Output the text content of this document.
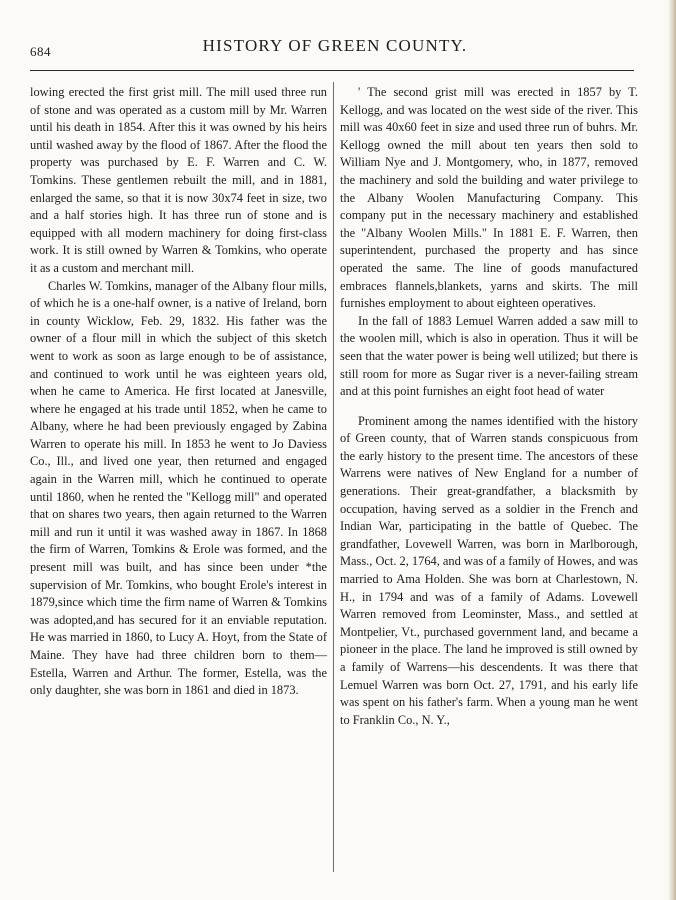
684	HISTORY OF GREEN COUNTY.

lowing erected the first grist mill. The mill used three run of stone and was operated as a custom mill by Mr. Warren until his death in 1854. After this it was owned by his heirs until washed away by the flood of 1867. After the flood the property was purchased by E. F. Warren and C. W. Tomkins. These gentlemen rebuilt the mill, and in 1881, enlarged the same, so that it is now 30x74 feet in size, two and a half stories high. It has three run of stone and is equipped with all modern machinery for doing first-class work. It is still owned by Warren & Tomkins, who operate it as a custom and merchant mill.

Charles W. Tomkins, manager of the Albany flour mills, of which he is a one-half owner, is a native of Ireland, born in county Wicklow, Feb. 29, 1832. His father was the owner of a flour mill in which the subject of this sketch went to work as soon as large enough to be of assistance, and continued to work until he was eighteen years old, when he came to America. He first located at Janesville, where he engaged at his trade until 1852, when he came to Albany, where he had been previously engaged by Zabina Warren to operate his mill. In 1853 he went to Jo Daviess Co., Ill., and lived one year, then returned and engaged again in the Warren mill, which he continued to operate until 1860, when he rented the "Kellogg mill" and operated that on shares two years, then again returned to the Warren mill and run it until it was washed away in 1867. In 1868 the firm of Warren, Tomkins & Erole was formed, and the present mill was built, and has since been under *the supervision of Mr. Tomkins, who bought Erole's interest in 1879,since which time the firm name of Warren & Tomkins was adopted,and has secured for it an enviable reputation. He was married in 1860, to Lucy A. Hoyt, from the State of Maine. They have had three children born to them—Estella, Warren and Arthur. The former, Estella, was the only daughter, she was born in 1861 and died in 1873.

' The second grist mill was erected in 1857 by T. Kellogg, and was located on the west side of the river. This mill was 40x60 feet in size and used three run of buhrs. Mr. Kellogg owned the mill about ten years then sold to William Nye and J. Montgomery, who, in 1877, removed the machinery and sold the building and water privilege to the Albany Woolen Manufacturing Company. This company put in the necessary machinery and established the "Albany Woolen Mills." In 1881 E. F. Warren, then superintendent, purchased the property and has since operated the same. The line of goods manufactured embraces flannels,blankets, yarns and skirts. The mill furnishes employment to about eighteen operatives.

In the fall of 1883 Lemuel Warren added a saw mill to the woolen mill, which is also in operation. Thus it will be seen that the water power is being well utilized; but there is still room for more as Sugar river is a never-failing stream and at this point furnishes an eight foot head of water

Prominent among the names identified with the history of Green county, that of Warren stands conspicuous from the early history to the present time. The ancestors of these Warrens were natives of New England for a number of generations. Their great-grandfather, a blacksmith by occupation, having served as a soldier in the French and Indian War, participating in the battle of Quebec. The grandfather, Lovewell Warren, was born in Marlborough, Mass., Oct. 2, 1764, and was of a family of Howes, and was married to Ama Holden. She was born at Charlestown, N. H., in 1794 and was of a family of Adams. Lovewell Warren removed from Leominster, Mass., and settled at Montpelier, Vt., purchased government land, and became a pioneer in the place. The land he improved is still owned by a family of Warrens—his descendents. It was there that Lemuel Warren was born Oct. 27, 1791, and his early life was spent on his father's farm. When a young man he went to Franklin Co., N. Y.,
